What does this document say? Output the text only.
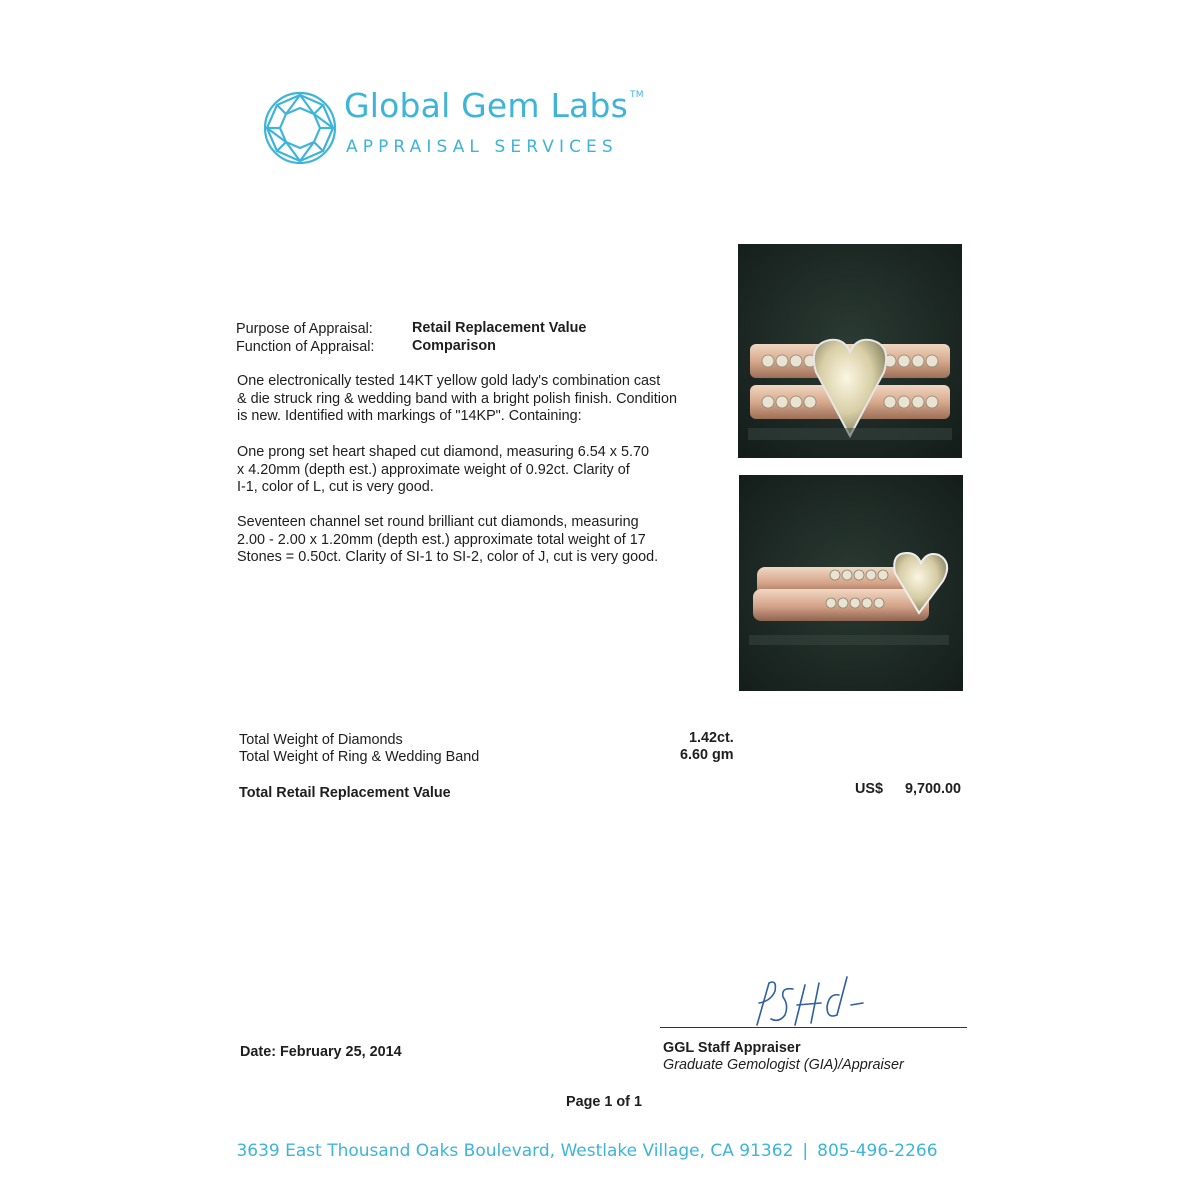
Global Gem Labs ™
APPRAISAL SERVICES
Purpose of Appraisal:	Retail Replacement Value
Function of Appraisal:	Comparison
One electronically tested 14KT yellow gold lady's combination cast
& die struck ring & wedding band with a bright polish finish. Condition
is new. Identified with markings of "14KP". Containing:
One prong set heart shaped cut diamond, measuring 6.54 x 5.70
x 4.20mm (depth est.) approximate weight of 0.92ct. Clarity of
I-1, color of L, cut is very good.
Seventeen channel set round brilliant cut diamonds, measuring
2.00 - 2.00 x 1.20mm (depth est.) approximate total weight of 17
Stones = 0.50ct. Clarity of SI-1 to SI-2, color of J, cut is very good.
Total Weight of Diamonds	1.42ct.
Total Weight of Ring & Wedding Band	6.60 gm
Total Retail Replacement Value	US$ 9,700.00
Date: February 25, 2014	GGL Staff Appraiser
Graduate Gemologist (GIA)/Appraiser
Page 1 of 1
3639 East Thousand Oaks Boulevard, Westlake Village, CA 91362 | 805-496-2266
